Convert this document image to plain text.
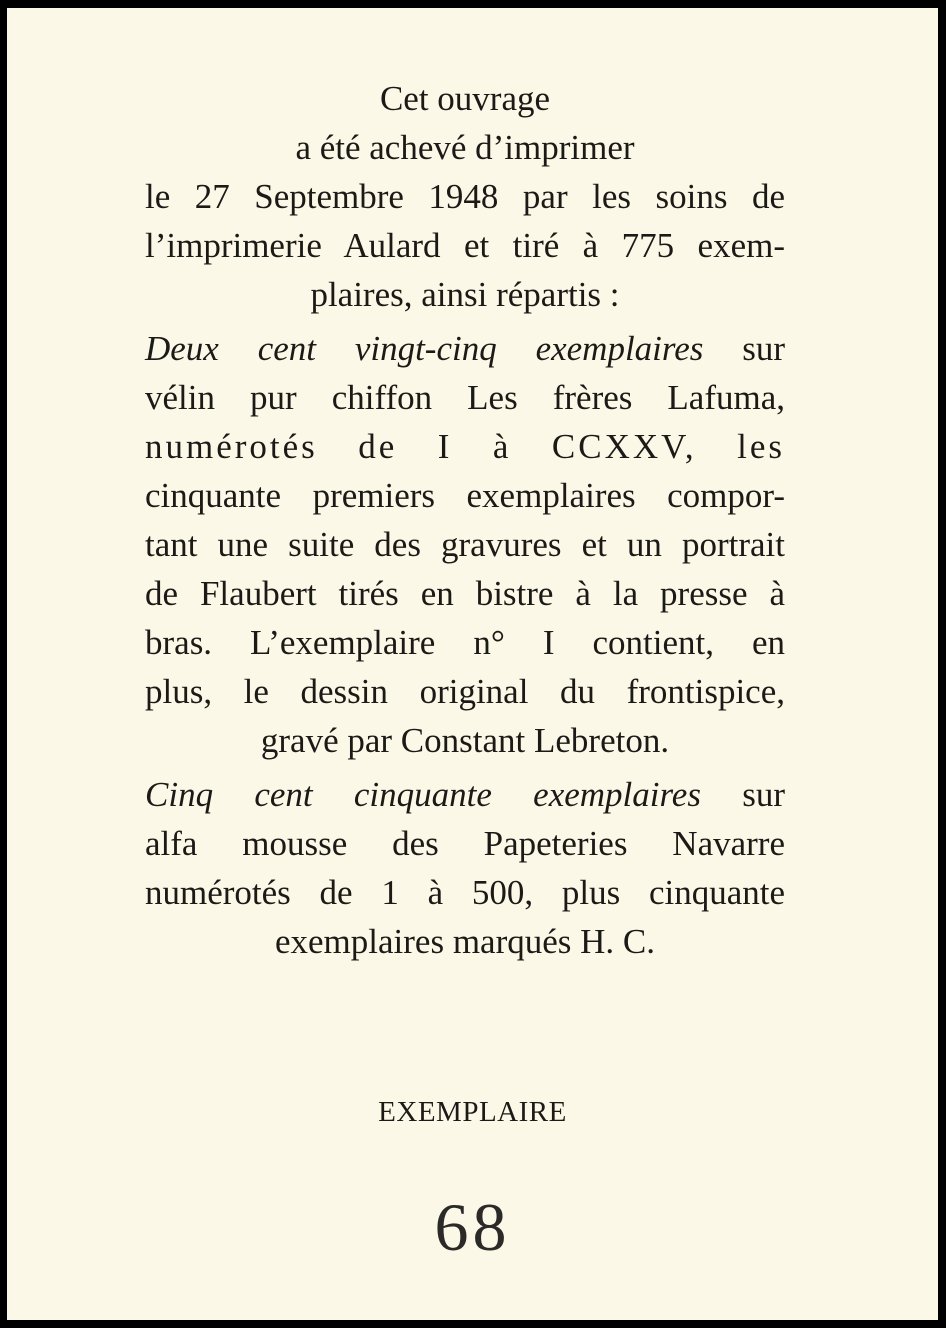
Cet ouvrage
a été achevé d’imprimer
le 27 Septembre 1948 par les soins de
l’imprimerie Aulard et tiré à 775 exem-
plaires, ainsi répartis :
Deux cent vingt-cinq exemplaires sur
vélin pur chiffon Les frères Lafuma,
numérotés de I à CCXXV, les
cinquante premiers exemplaires compor-
tant une suite des gravures et un portrait
de Flaubert tirés en bistre à la presse à
bras. L’exemplaire n° I contient, en
plus, le dessin original du frontispice,
gravé par Constant Lebreton.
Cinq cent cinquante exemplaires sur
alfa mousse des Papeteries Navarre
numérotés de 1 à 500, plus cinquante
exemplaires marqués H. C.
EXEMPLAIRE
68
